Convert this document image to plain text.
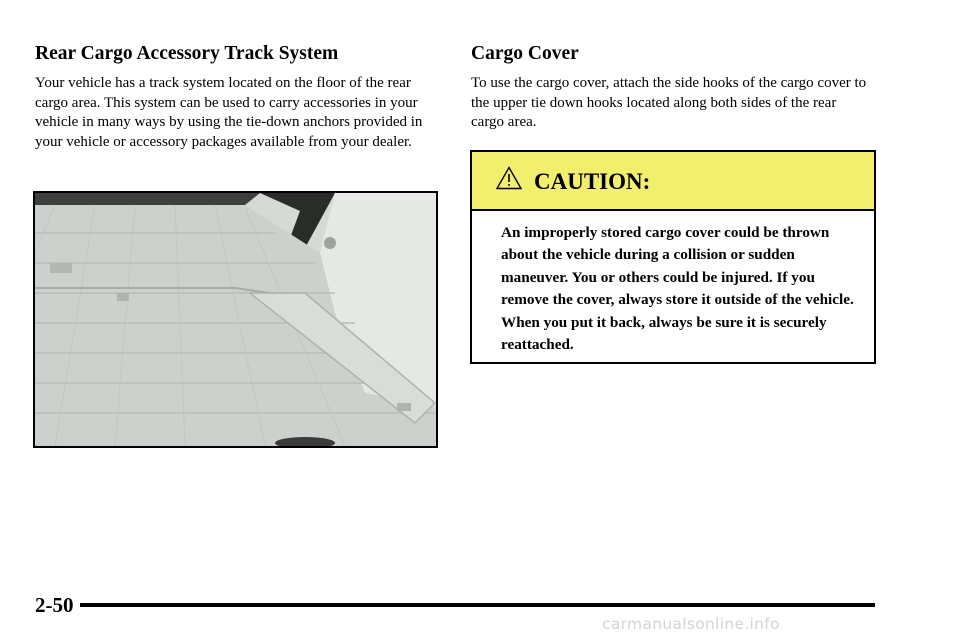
Rear Cargo Accessory Track System

Your vehicle has a track system located on the floor of the rear cargo area. This system can be used to carry accessories in your vehicle in many ways by using the tie-down anchors provided in your vehicle or accessory packages available from your dealer.

Cargo Cover

To use the cargo cover, attach the side hooks of the cargo cover to the upper tie down hooks located along both sides of the rear cargo area.

CAUTION:

An improperly stored cargo cover could be thrown about the vehicle during a collision or sudden maneuver. You or others could be injured. If you remove the cover, always store it outside of the vehicle. When you put it back, always be sure it is securely reattached.

2-50
carmanualsonline.info
